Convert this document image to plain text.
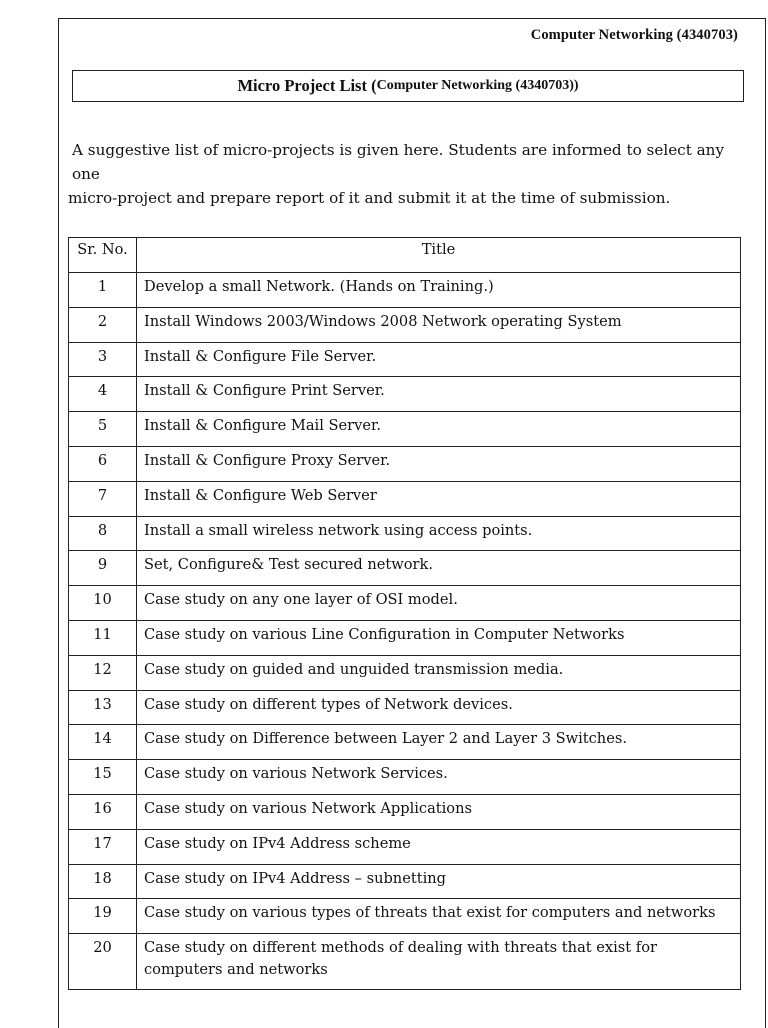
Computer Networking (4340703)
Micro Project List ( Computer Networking (4340703))

A suggestive list of micro-projects is given here. Students are informed to select any one

micro-project and prepare report of it and submit it at the time of submission.

Sr. No.	Title
1	Develop a small Network. (Hands on Training.)
2	Install Windows 2003/Windows 2008 Network operating System
3	Install & Configure File Server.
4	Install & Configure Print Server.
5	Install & Configure Mail Server.
6	Install & Configure Proxy Server.
7	Install & Configure Web Server
8	Install a small wireless network using access points.
9	Set, Configure& Test secured network.
10	Case study on any one layer of OSI model.
11	Case study on various Line Configuration in Computer Networks
12	Case study on guided and unguided transmission media.
13	Case study on different types of Network devices.
14	Case study on Difference between Layer 2 and Layer 3 Switches.
15	Case study on various Network Services.
16	Case study on various Network Applications
17	Case study on IPv4 Address scheme
18	Case study on IPv4 Address – subnetting
19	Case study on various types of threats that exist for computers and networks
20	Case study on different methods of dealing with threats that exist for computers and networks
